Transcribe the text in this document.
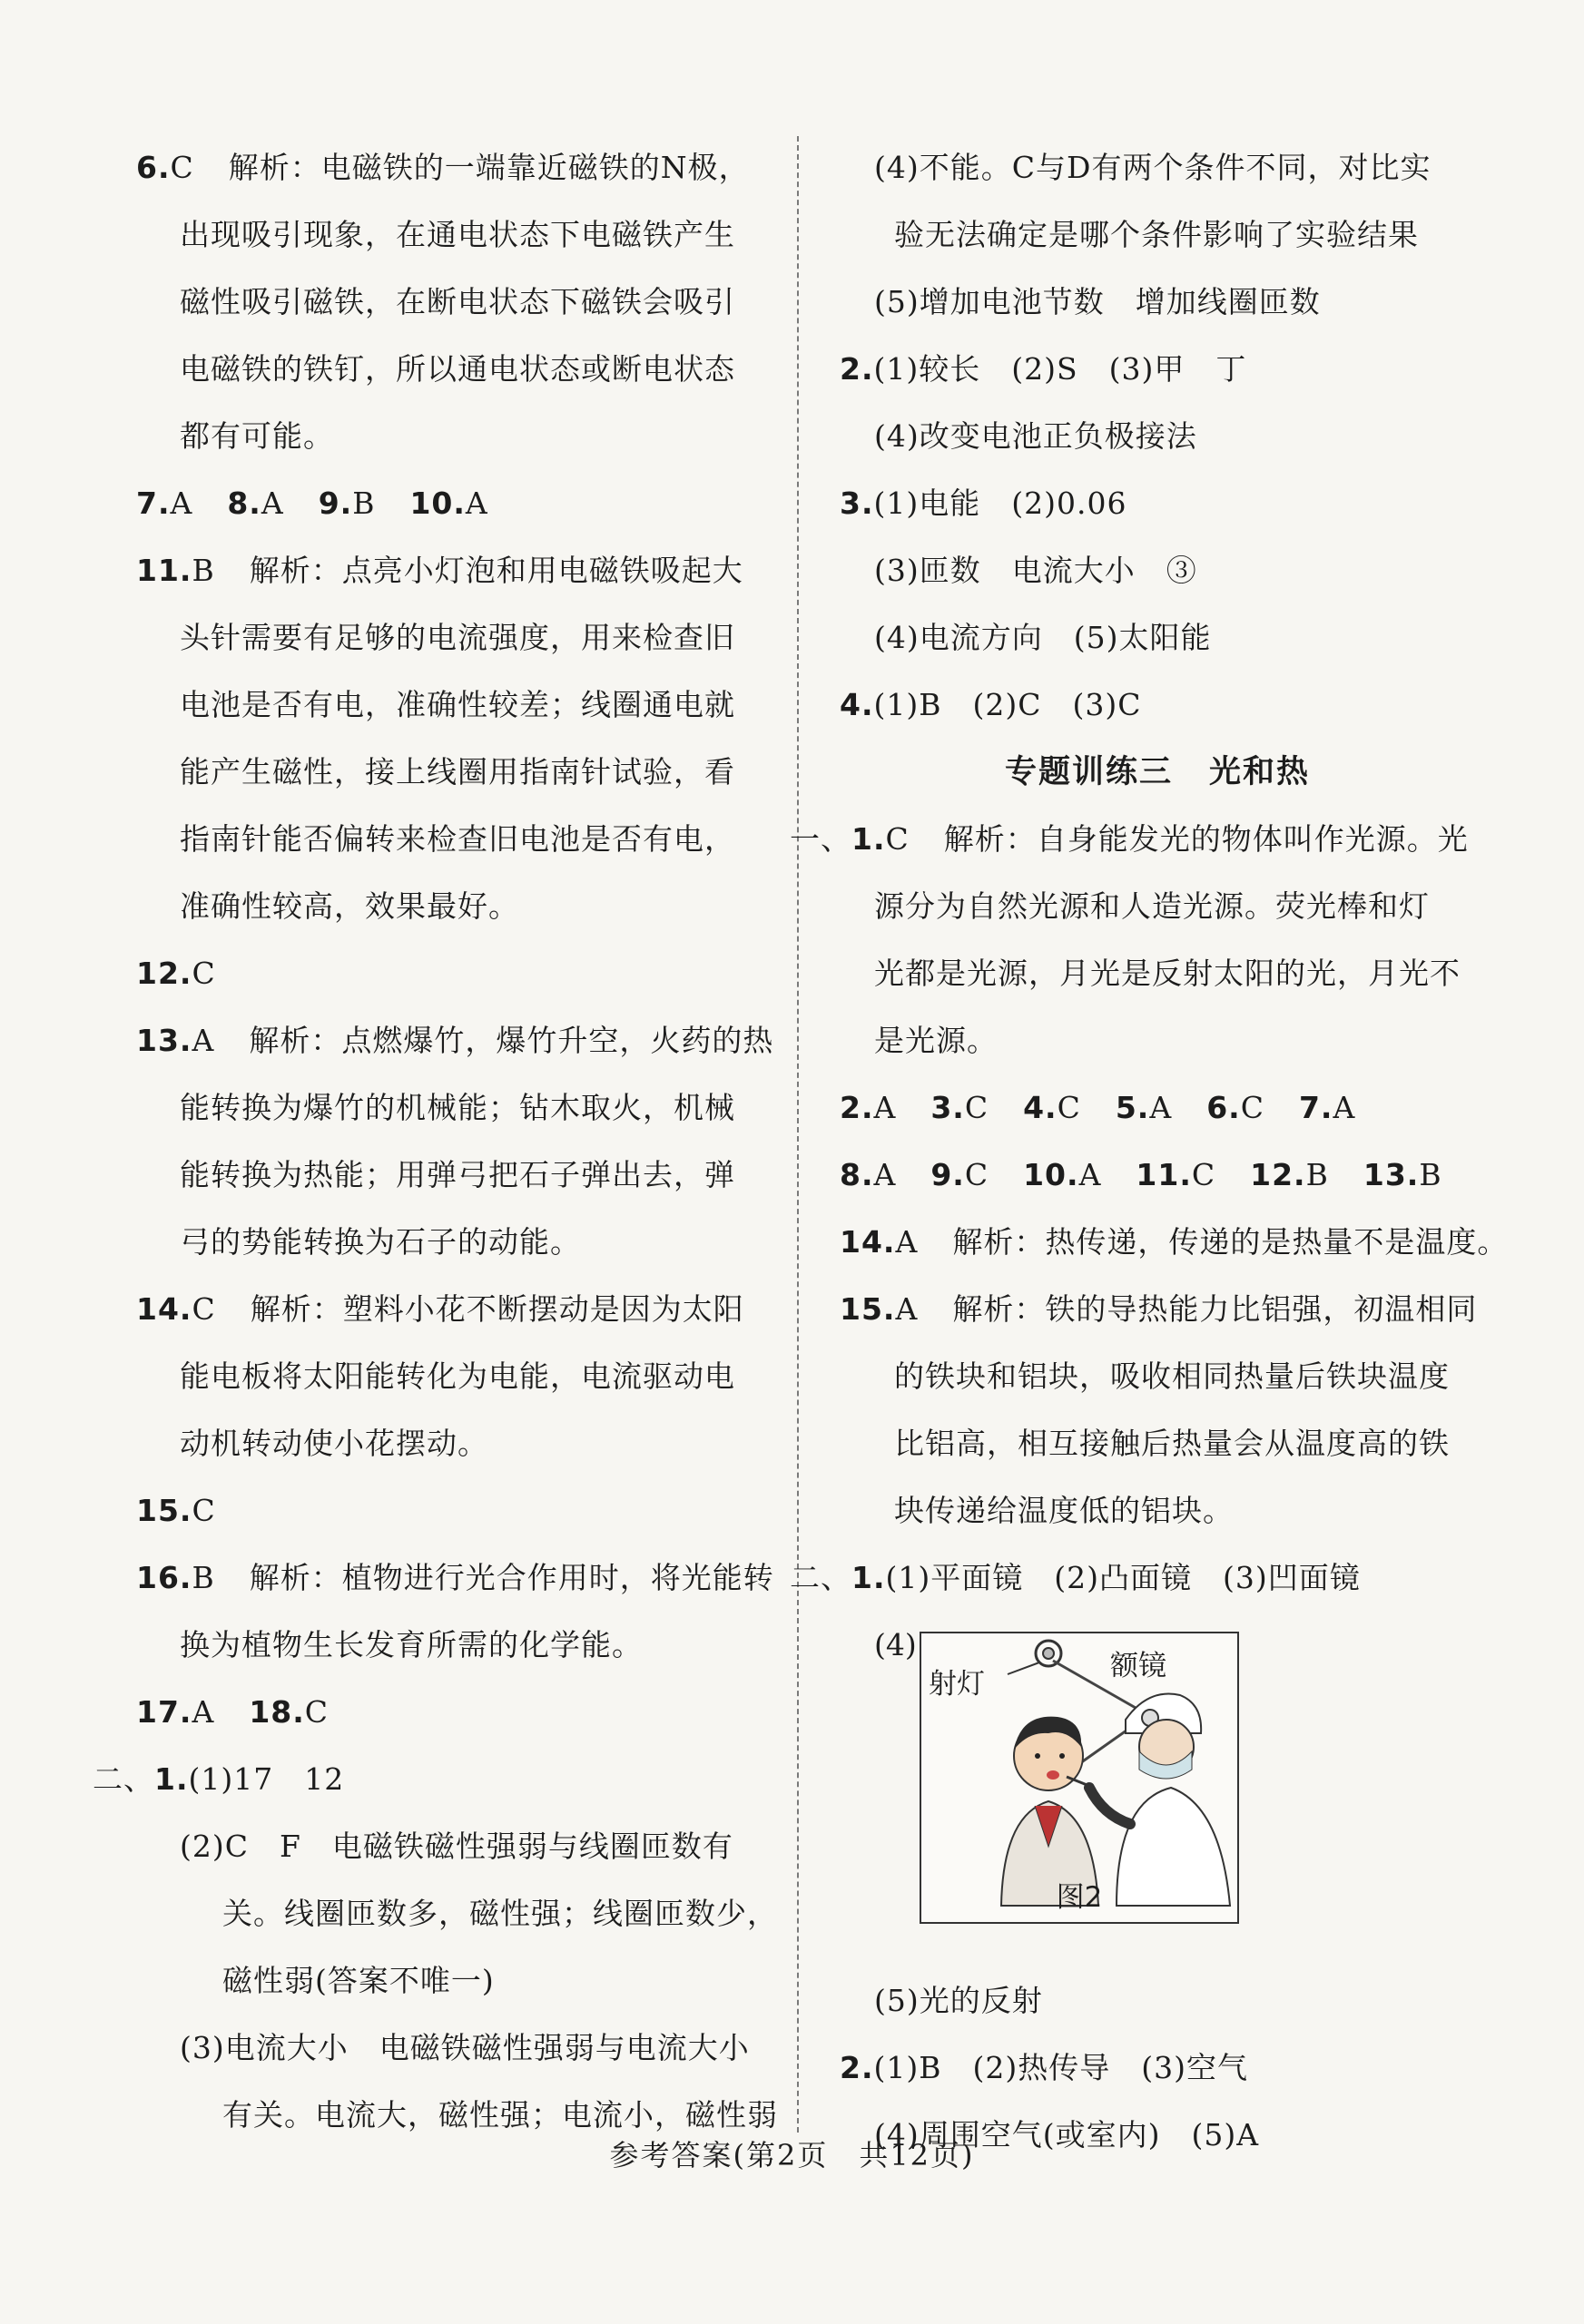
6.C 解析：电磁铁的一端靠近磁铁的N极，
出现吸引现象，在通电状态下电磁铁产生
磁性吸引磁铁，在断电状态下磁铁会吸引
电磁铁的铁钉，所以通电状态或断电状态
都有可能。
7.A 8.A 9.B 10.A
11.B 解析：点亮小灯泡和用电磁铁吸起大
头针需要有足够的电流强度，用来检查旧
电池是否有电，准确性较差；线圈通电就
能产生磁性，接上线圈用指南针试验，看
指南针能否偏转来检查旧电池是否有电，
准确性较高，效果最好。
12.C
13.A 解析：点燃爆竹，爆竹升空，火药的热
能转换为爆竹的机械能；钻木取火，机械
能转换为热能；用弹弓把石子弹出去，弹
弓的势能转换为石子的动能。
14.C 解析：塑料小花不断摆动是因为太阳
能电板将太阳能转化为电能，电流驱动电
动机转动使小花摆动。
15.C
16.B 解析：植物进行光合作用时，将光能转
换为植物生长发育所需的化学能。
17.A 18.C
二、1.(1)17　12
(2)C　F　电磁铁磁性强弱与线圈匝数有
关。线圈匝数多，磁性强；线圈匝数少，
磁性弱(答案不唯一)
(3)电流大小　电磁铁磁性强弱与电流大小
有关。电流大，磁性强；电流小，磁性弱
(4)不能。C与D有两个条件不同，对比实
验无法确定是哪个条件影响了实验结果
(5)增加电池节数　增加线圈匝数
2.(1)较长　(2)S　(3)甲　丁
(4)改变电池正负极接法
3.(1)电能　(2)0.06
(3)匝数　电流大小　③
(4)电流方向　(5)太阳能
4.(1)B　(2)C　(3)C
专题训练三 光和热
一、1.C 解析：自身能发光的物体叫作光源。光
源分为自然光源和人造光源。荧光棒和灯
光都是光源，月光是反射太阳的光，月光不
是光源。
2.A 3.C 4.C 5.A 6.C 7.A
8.A 9.C 10.A 11.C 12.B 13.B
14.A 解析：热传递，传递的是热量不是温度。
15.A 解析：铁的导热能力比铝强，初温相同
的铁块和铝块，吸收相同热量后铁块温度
比铝高，相互接触后热量会从温度高的铁
块传递给温度低的铝块。
二、1.(1)平面镜　(2)凸面镜　(3)凹面镜
(4)
射灯
额镜
图2
(5)光的反射
2.(1)B　(2)热传导　(3)空气
(4)周围空气(或室内)　(5)A
参考答案(第2页　共12页)
